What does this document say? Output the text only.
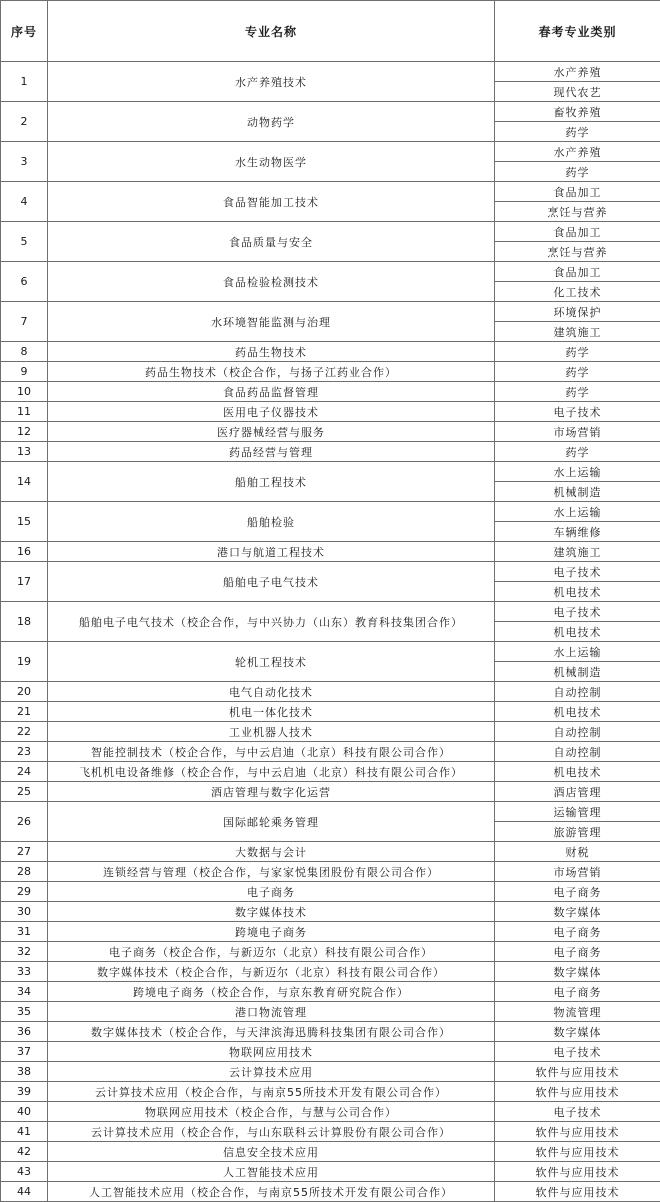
序号	专业名称	春考专业类别
1	水产养殖技术	水产养殖
		现代农艺
2	动物药学	畜牧养殖
		药学
3	水生动物医学	水产养殖
		药学
4	食品智能加工技术	食品加工
		烹饪与营养
5	食品质量与安全	食品加工
		烹饪与营养
6	食品检验检测技术	食品加工
		化工技术
7	水环境智能监测与治理	环境保护
		建筑施工
8	药品生物技术	药学
9	药品生物技术（校企合作，与扬子江药业合作）	药学
10	食品药品监督管理	药学
11	医用电子仪器技术	电子技术
12	医疗器械经营与服务	市场营销
13	药品经营与管理	药学
14	船舶工程技术	水上运输
		机械制造
15	船舶检验	水上运输
		车辆维修
16	港口与航道工程技术	建筑施工
17	船舶电子电气技术	电子技术
		机电技术
18	船舶电子电气技术（校企合作，与中兴协力（山东）教育科技集团合作）	电子技术
		机电技术
19	轮机工程技术	水上运输
		机械制造
20	电气自动化技术	自动控制
21	机电一体化技术	机电技术
22	工业机器人技术	自动控制
23	智能控制技术（校企合作，与中云启迪（北京）科技有限公司合作）	自动控制
24	飞机机电设备维修（校企合作，与中云启迪（北京）科技有限公司合作）	机电技术
25	酒店管理与数字化运营	酒店管理
26	国际邮轮乘务管理	运输管理
		旅游管理
27	大数据与会计	财税
28	连锁经营与管理（校企合作，与家家悦集团股份有限公司合作）	市场营销
29	电子商务	电子商务
30	数字媒体技术	数字媒体
31	跨境电子商务	电子商务
32	电子商务（校企合作，与新迈尔（北京）科技有限公司合作）	电子商务
33	数字媒体技术（校企合作，与新迈尔（北京）科技有限公司合作）	数字媒体
34	跨境电子商务（校企合作，与京东教育研究院合作）	电子商务
35	港口物流管理	物流管理
36	数字媒体技术（校企合作，与天津滨海迅腾科技集团有限公司合作）	数字媒体
37	物联网应用技术	电子技术
38	云计算技术应用	软件与应用技术
39	云计算技术应用（校企合作，与南京55所技术开发有限公司合作）	软件与应用技术
40	物联网应用技术（校企合作，与慧与公司合作）	电子技术
41	云计算技术应用（校企合作，与山东联科云计算股份有限公司合作）	软件与应用技术
42	信息安全技术应用	软件与应用技术
43	人工智能技术应用	软件与应用技术
44	人工智能技术应用（校企合作，与南京55所技术开发有限公司合作）	软件与应用技术
